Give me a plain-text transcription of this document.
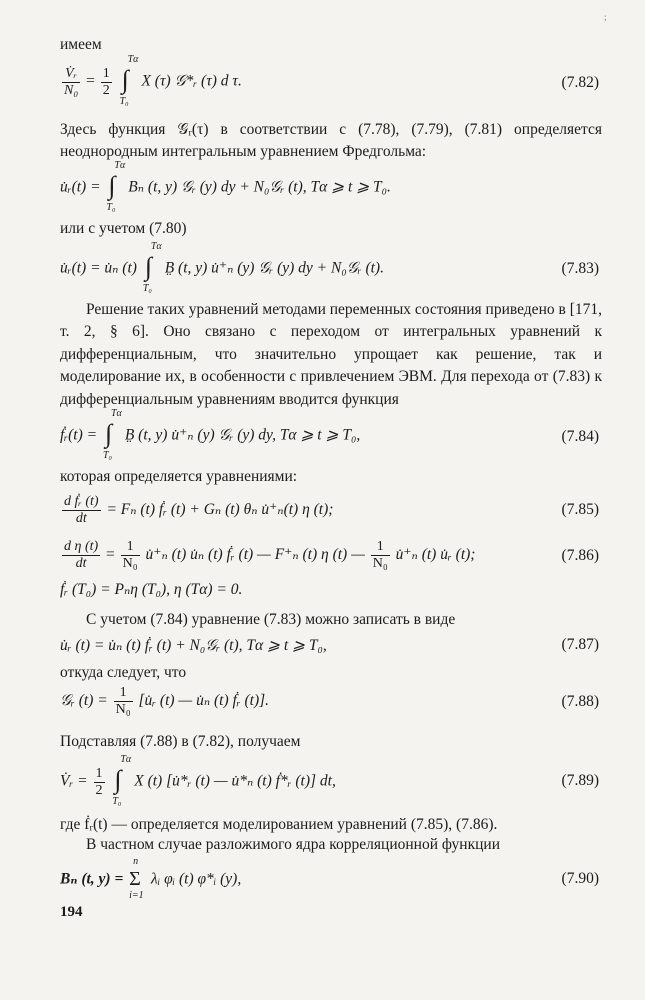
;

имеем

$\frac{\text{V̇ᵣ}}{\text{N₀}} = \frac{1}{2}$
∫
Tα
T₀
X (τ) 𝒢*ᵣ (τ) d τ.	(7.82)

Здесь функция 𝒢ᵣ(τ) в соответствии с (7.78), (7.79), (7.81) определяется неоднородным интегральным уравнением Фредгольма:

u̇ᵣ(t) = ∫
Tα
T₀
Bₙ (t, y) 𝒢ᵣ (y) dy + N₀𝒢ᵣ (t), Tα ⩾ t ⩾ T₀.

или с учетом (7.80)

u̇ᵣ(t) = u̇ₙ (t) ∫
Tα
T₀
B̤ (t, y) u̇⁺ₙ (y) 𝒢ᵣ (y) dy + N₀𝒢ᵣ (t).	(7.83)

Решение таких уравнений методами переменных состояния приведено в [171, т. 2, § 6]. Оно связано с переходом от интегральных уравнений к дифференциальным, что значительно упрощает как решение, так и моделирование их, в особенности с привлечением ЭВМ. Для перехода от (7.83) к дифференциальным уравнениям вводится функция

ḟᵣ(t) = ∫
Tα
T₀
B̤ (t, y) u̇⁺ₙ (y) 𝒢ᵣ (y) dy, Tα ⩾ t ⩾ T₀,	(7.84)

которая определяется уравнениями:

$\frac{\text{d ḟᵣ (t)}}{dt} = F_n$ (t) ḟᵣ (t) + Gₙ (t) θₙ u̇⁺ₙ(t) η (t);	(7.85)
$\frac{\text{d η (t)}}{dt} = \frac{1}{\text{N₀}}$ u̇⁺ₙ (t) u̇ₙ (t) ḟᵣ (t) — F⁺ₙ (t) η (t) — $\frac{1}{\text{N₀}}$ u̇⁺ₙ (t) u̇ᵣ (t);	(7.86)
ḟᵣ (T₀) = Pₙη (T₀), η (Tα) = 0.

С учетом (7.84) уравнение (7.83) можно записать в виде

u̇ᵣ (t) = u̇ₙ (t) ḟᵣ (t) + N₀𝒢ᵣ (t), Tα ⩾ t ⩾ T₀,	(7.87)

откуда следует, что

𝒢ᵣ $(t) = \frac{1}{\text{N₀}}$ [u̇ᵣ (t) — u̇ₙ (t) ḟᵣ (t)].	(7.88)

Подставляя (7.88) в (7.82), получаем

V̇ᵣ = $\frac{1}{2}$
∫
Tα
T₀
X (t) [u̇*ᵣ (t) — u̇*ₙ (t) ḟ*ᵣ (t)] dt,	(7.89)

где ḟᵣ(t) — определяется моделированием уравнений (7.85), (7.86).

В частном случае разложимого ядра корреляционной функции

Bₙ (t, y) = Σ
n
i=1
λᵢ φᵢ (t) φ*ᵢ (y),	(7.90)
194
